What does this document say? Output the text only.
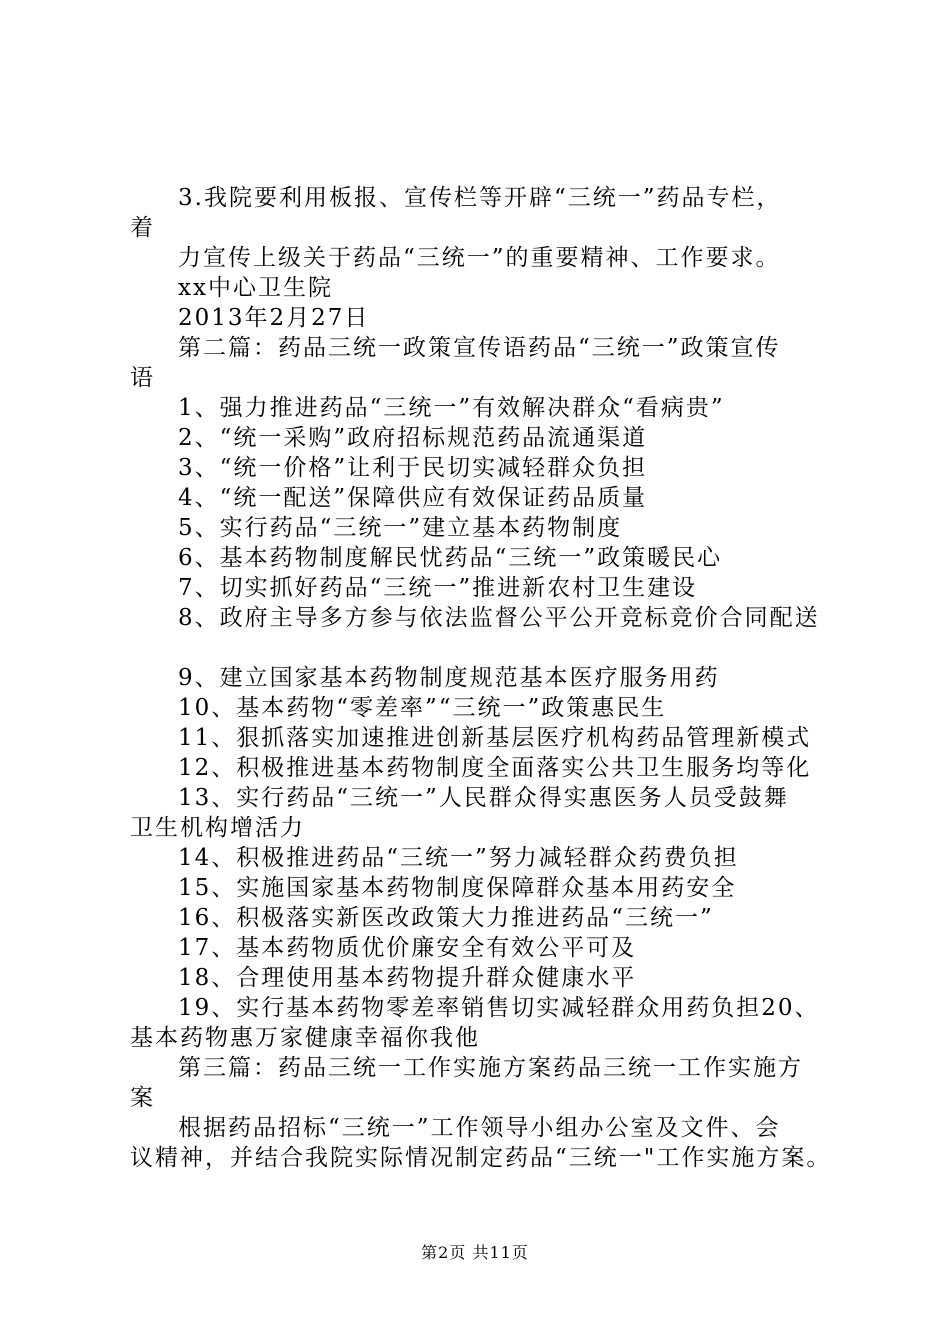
3.我院要利用板报、宣传栏等开辟“三统一”药品专栏，
着
力宣传上级关于药品“三统一”的重要精神、工作要求。
xx中心卫生院
2013年2月27日
第二篇：药品三统一政策宣传语药品“三统一”政策宣传
语
1、强力推进药品“三统一”有效解决群众“看病贵”
2、“统一采购”政府招标规范药品流通渠道
3、“统一价格”让利于民切实减轻群众负担
4、“统一配送”保障供应有效保证药品质量
5、实行药品“三统一”建立基本药物制度
6、基本药物制度解民忧药品“三统一”政策暖民心
7、切实抓好药品“三统一”推进新农村卫生建设
8、政府主导多方参与依法监督公平公开竞标竞价合同配送
9、建立国家基本药物制度规范基本医疗服务用药
10、基本药物“零差率”“三统一”政策惠民生
11、狠抓落实加速推进创新基层医疗机构药品管理新模式
12、积极推进基本药物制度全面落实公共卫生服务均等化
13、实行药品“三统一”人民群众得实惠医务人员受鼓舞
卫生机构增活力
14、积极推进药品“三统一”努力减轻群众药费负担
15、实施国家基本药物制度保障群众基本用药安全
16、积极落实新医改政策大力推进药品“三统一”
17、基本药物质优价廉安全有效公平可及
18、合理使用基本药物提升群众健康水平
19、实行基本药物零差率销售切实减轻群众用药负担20、
基本药物惠万家健康幸福你我他
第三篇：药品三统一工作实施方案药品三统一工作实施方
案
根据药品招标“三统一”工作领导小组办公室及文件、会
议精神，并结合我院实际情况制定药品“三统一"工作实施方案。
第2页 共11页
